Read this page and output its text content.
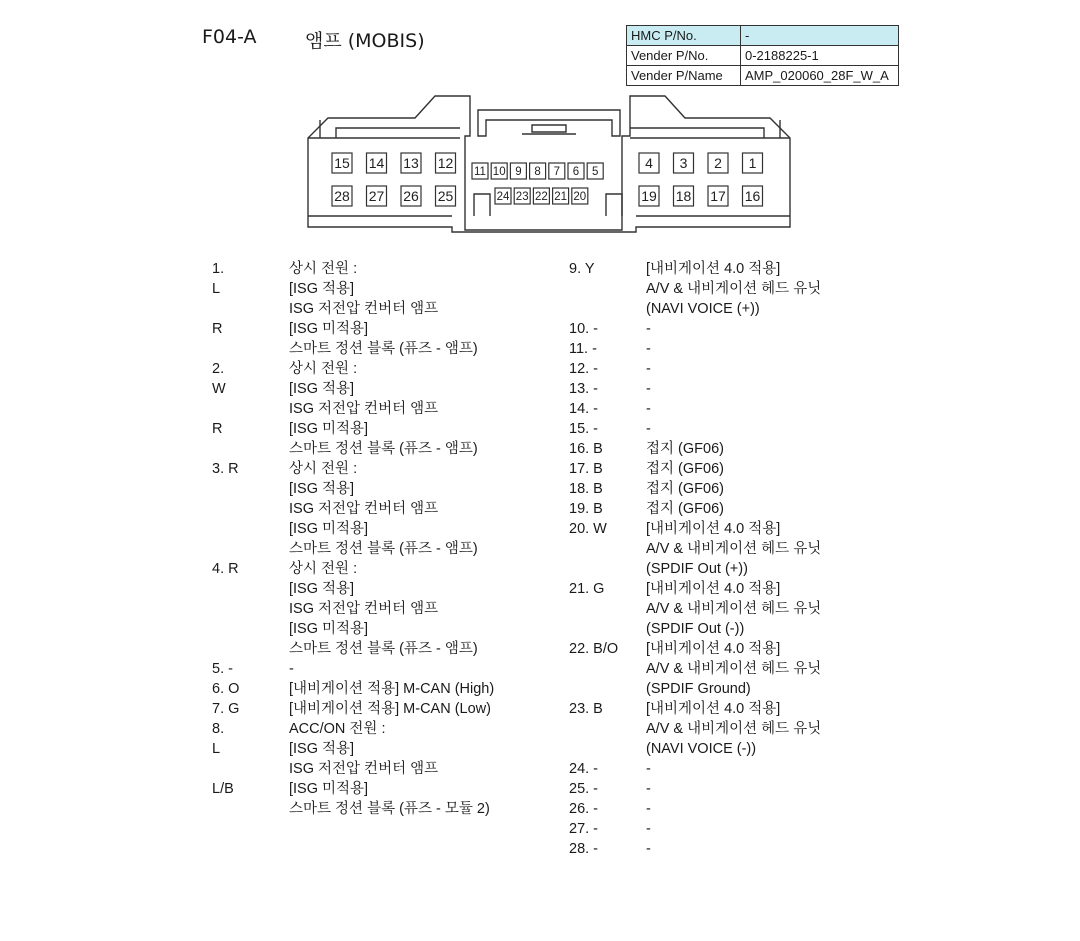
F04-A	앰프 (MOBIS)	HMC P/No.	-
Vender P/No.	0-2188225-1
Vender P/Name	AMP_020060_28F_W_A
15 14 13 12
11 10 9 8 7 6 5
4 3 2 1
28 27 26 25	24 23 22 21 20	19 18 17 16
1.	상시 전원 :
L	[ISG 적용]
ISG 저전압 컨버터 앰프
R	[ISG 미적용]
스마트 정션 블록 (퓨즈 - 앰프)
2.	상시 전원 :
W	[ISG 적용]
ISG 저전압 컨버터 앰프
R	[ISG 미적용]
스마트 정션 블록 (퓨즈 - 앰프)
3. R	상시 전원 :
[ISG 적용]
ISG 저전압 컨버터 앰프
[ISG 미적용]
스마트 정션 블록 (퓨즈 - 앰프)
4. R	상시 전원 :
[ISG 적용]
ISG 저전압 컨버터 앰프
[ISG 미적용]
스마트 정션 블록 (퓨즈 - 앰프)
5. -	-
6. O	[내비게이션 적용] M-CAN (High)
7. G	[내비게이션 적용] M-CAN (Low)
8.	ACC/ON 전원 :
L	[ISG 적용]
ISG 저전압 컨버터 앰프
L/B	[ISG 미적용]
스마트 정션 블록 (퓨즈 - 모듈 2)
9. Y	[내비게이션 4.0 적용]
A/V & 내비게이션 헤드 유닛
(NAVI VOICE (+))
10. -	-
11. -	-
12. -	-
13. -	-
14. -	-
15. -	-
16. B	접지 (GF06)
17. B	접지 (GF06)
18. B	접지 (GF06)
19. B	접지 (GF06)
20. W	[내비게이션 4.0 적용]
A/V & 내비게이션 헤드 유닛
(SPDIF Out (+))
21. G	[내비게이션 4.0 적용]
A/V & 내비게이션 헤드 유닛
(SPDIF Out (-))
22. B/O [내비게이션 4.0 적용]
A/V & 내비게이션 헤드 유닛
(SPDIF Ground)
23. B	[내비게이션 4.0 적용]
A/V & 내비게이션 헤드 유닛
(NAVI VOICE (-))
24. -	-
25. -	-
26. -	-
27. -	-
28. -	-
